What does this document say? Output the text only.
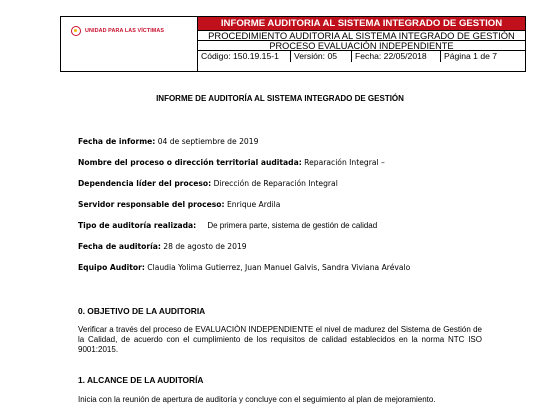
UNIDAD PARA LAS VÍCTIMAS
INFORME AUDITORIA AL SISTEMA INTEGRADO DE GESTION
PROCEDIMIENTO AUDITORIA AL SISTEMA INTEGRADO DE GESTIÓN
PROCESO EVALUACIÓN INDEPENDIENTE
Código: 150.19.15-1	Versión: 05	Fecha: 22/05/2018	Página 1 de 7
INFORME DE AUDITORÍA AL SISTEMA INTEGRADO DE GESTIÓN
Fecha de informe: 04 de septiembre de 2019
Nombre del proceso o dirección territorial auditada: Reparación Integral –
Dependencia líder del proceso: Dirección de Reparación Integral
Servidor responsable del proceso: Enrique Ardila
Tipo de auditoría realizada:     De primera parte, sistema de gestión de calidad
Fecha de auditoría: 28 de agosto de 2019
Equipo Auditor: Claudia Yolima Gutierrez, Juan Manuel Galvis, Sandra Viviana Arévalo
0. OBJETIVO DE LA AUDITORIA
Verificar a través del proceso de EVALUACIÒN INDEPENDIENTE el nivel de madurez del Sistema de Gestión de la Calidad, de acuerdo con el cumplimiento de los requisitos de calidad establecidos en la norma NTC ISO 9001:2015.
1. ALCANCE DE LA AUDITORÍA
Inicia con la reunión de apertura de auditoría y concluye con el seguimiento al plan de mejoramiento.
